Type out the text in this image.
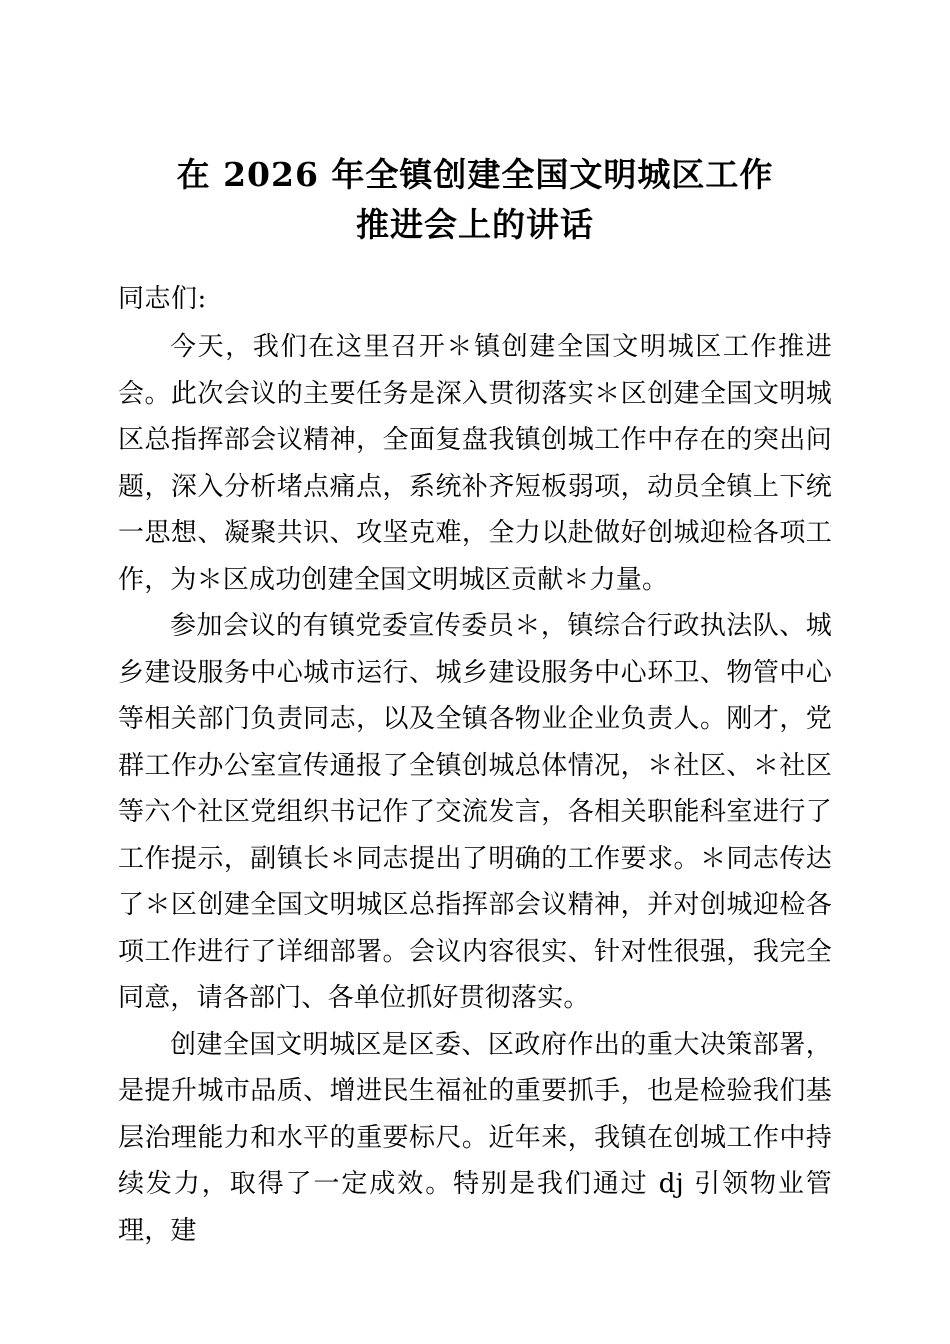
在 2026 年全镇创建全国文明城区工作
推进会上的讲话

同志们:

今天，我们在这里召开＊镇创建全国文明城区工作推进会。此次会议的主要任务是深入贯彻落实＊区创建全国文明城区总指挥部会议精神，全面复盘我镇创城工作中存在的突出问题，深入分析堵点痛点，系统补齐短板弱项，动员全镇上下统一思想、凝聚共识、攻坚克难，全力以赴做好创城迎检各项工作，为＊区成功创建全国文明城区贡献＊力量。

参加会议的有镇党委宣传委员＊，镇综合行政执法队、城乡建设服务中心城市运行、城乡建设服务中心环卫、物管中心等相关部门负责同志，以及全镇各物业企业负责人。刚才，党群工作办公室宣传通报了全镇创城总体情况，＊社区、＊社区等六个社区党组织书记作了交流发言，各相关职能科室进行了工作提示，副镇长＊同志提出了明确的工作要求。＊同志传达了＊区创建全国文明城区总指挥部会议精神，并对创城迎检各项工作进行了详细部署。会议内容很实、针对性很强，我完全同意，请各部门、各单位抓好贯彻落实。

创建全国文明城区是区委、区政府作出的重大决策部署，是提升城市品质、增进民生福祉的重要抓手，也是检验我们基层治理能力和水平的重要标尺。近年来，我镇在创城工作中持续发力，取得了一定成效。特别是我们通过 dj 引领物业管理，建
